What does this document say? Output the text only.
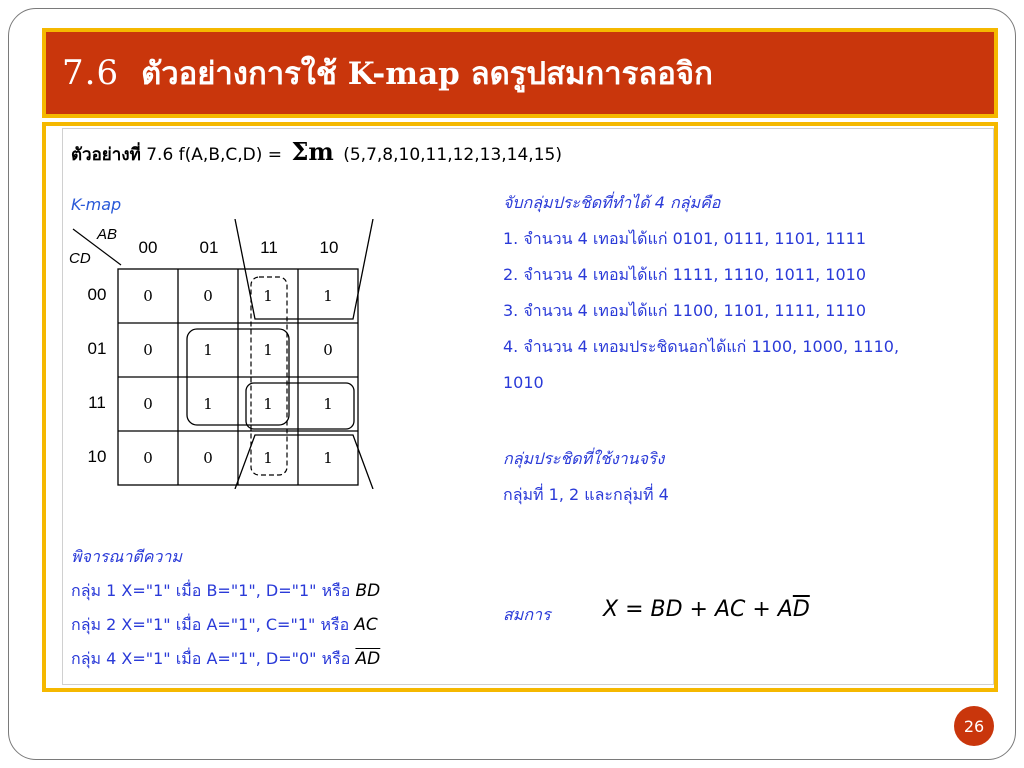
7.6 ตัวอย่างการใช้ K-map ลดรูปสมการลอจิก
ตัวอย่างที่ 7.6 f(A,B,C,D) = Σm (5,7,8,10,11,12,13,14,15)
K-map
AB
CD
00 01 11 10
00
01
11
10
0	0	1	1
0	1	1	0
0	1	1	1
0	0	1	1
จับกลุ่มประชิดที่ทำได้ 4 กลุ่มคือ
1. จำนวน 4 เทอมได้แก่ 0101, 0111, 1101, 1111
2. จำนวน 4 เทอมได้แก่ 1111, 1110, 1011, 1010
3. จำนวน 4 เทอมได้แก่ 1100, 1101, 1111, 1110
4. จำนวน 4 เทอมประชิดนอกได้แก่ 1100, 1000, 1110,
1010
กลุ่มประชิดที่ใช้งานจริง
กลุ่มที่ 1, 2 และกลุ่มที่ 4
พิจารณาตีความ
กลุ่ม 1 X="1" เมื่อ B="1", D="1" หรือ BD
กลุ่ม 2 X="1" เมื่อ A="1", C="1" หรือ AC
กลุ่ม 4 X="1" เมื่อ A="1", D="0" หรือ AD
สมการ X = BD + AC + $A\overline{D}$
26
